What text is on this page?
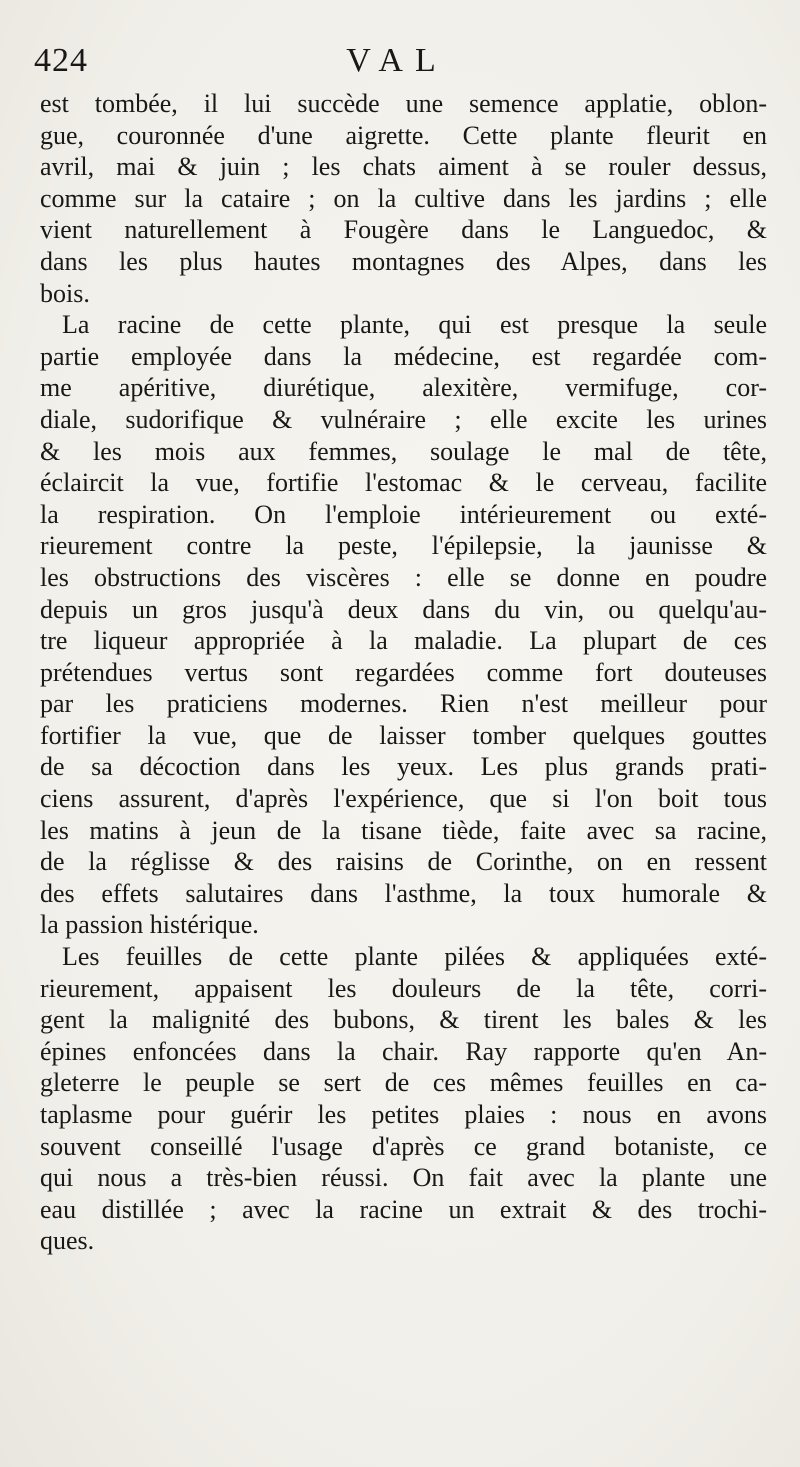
424	VAL
est tombée, il lui succède une semence applatie, oblon-
gue, couronnée d'une aigrette. Cette plante fleurit en
avril, mai & juin ; les chats aiment à se rouler dessus,
comme sur la cataire ; on la cultive dans les jardins ; elle
vient naturellement à Fougère dans le Languedoc, &
dans les plus hautes montagnes des Alpes, dans les
bois.
La racine de cette plante, qui est presque la seule
partie employée dans la médecine, est regardée com-
me apéritive, diurétique, alexitère, vermifuge, cor-
diale, sudorifique & vulnéraire ; elle excite les urines
& les mois aux femmes, soulage le mal de tête,
éclaircit la vue, fortifie l'estomac & le cerveau, facilite
la respiration. On l'emploie intérieurement ou exté-
rieurement contre la peste, l'épilepsie, la jaunisse &
les obstructions des viscères : elle se donne en poudre
depuis un gros jusqu'à deux dans du vin, ou quelqu'au-
tre liqueur appropriée à la maladie. La plupart de ces
prétendues vertus sont regardées comme fort douteuses
par les praticiens modernes. Rien n'est meilleur pour
fortifier la vue, que de laisser tomber quelques gouttes
de sa décoction dans les yeux. Les plus grands prati-
ciens assurent, d'après l'expérience, que si l'on boit tous
les matins à jeun de la tisane tiède, faite avec sa racine,
de la réglisse & des raisins de Corinthe, on en ressent
des effets salutaires dans l'asthme, la toux humorale &
la passion histérique.
Les feuilles de cette plante pilées & appliquées exté-
rieurement, appaisent les douleurs de la tête, corri-
gent la malignité des bubons, & tirent les bales & les
épines enfoncées dans la chair. Ray rapporte qu'en An-
gleterre le peuple se sert de ces mêmes feuilles en ca-
taplasme pour guérir les petites plaies : nous en avons
souvent conseillé l'usage d'après ce grand botaniste, ce
qui nous a très-bien réussi. On fait avec la plante une
eau distillée ; avec la racine un extrait & des trochi-
ques.
